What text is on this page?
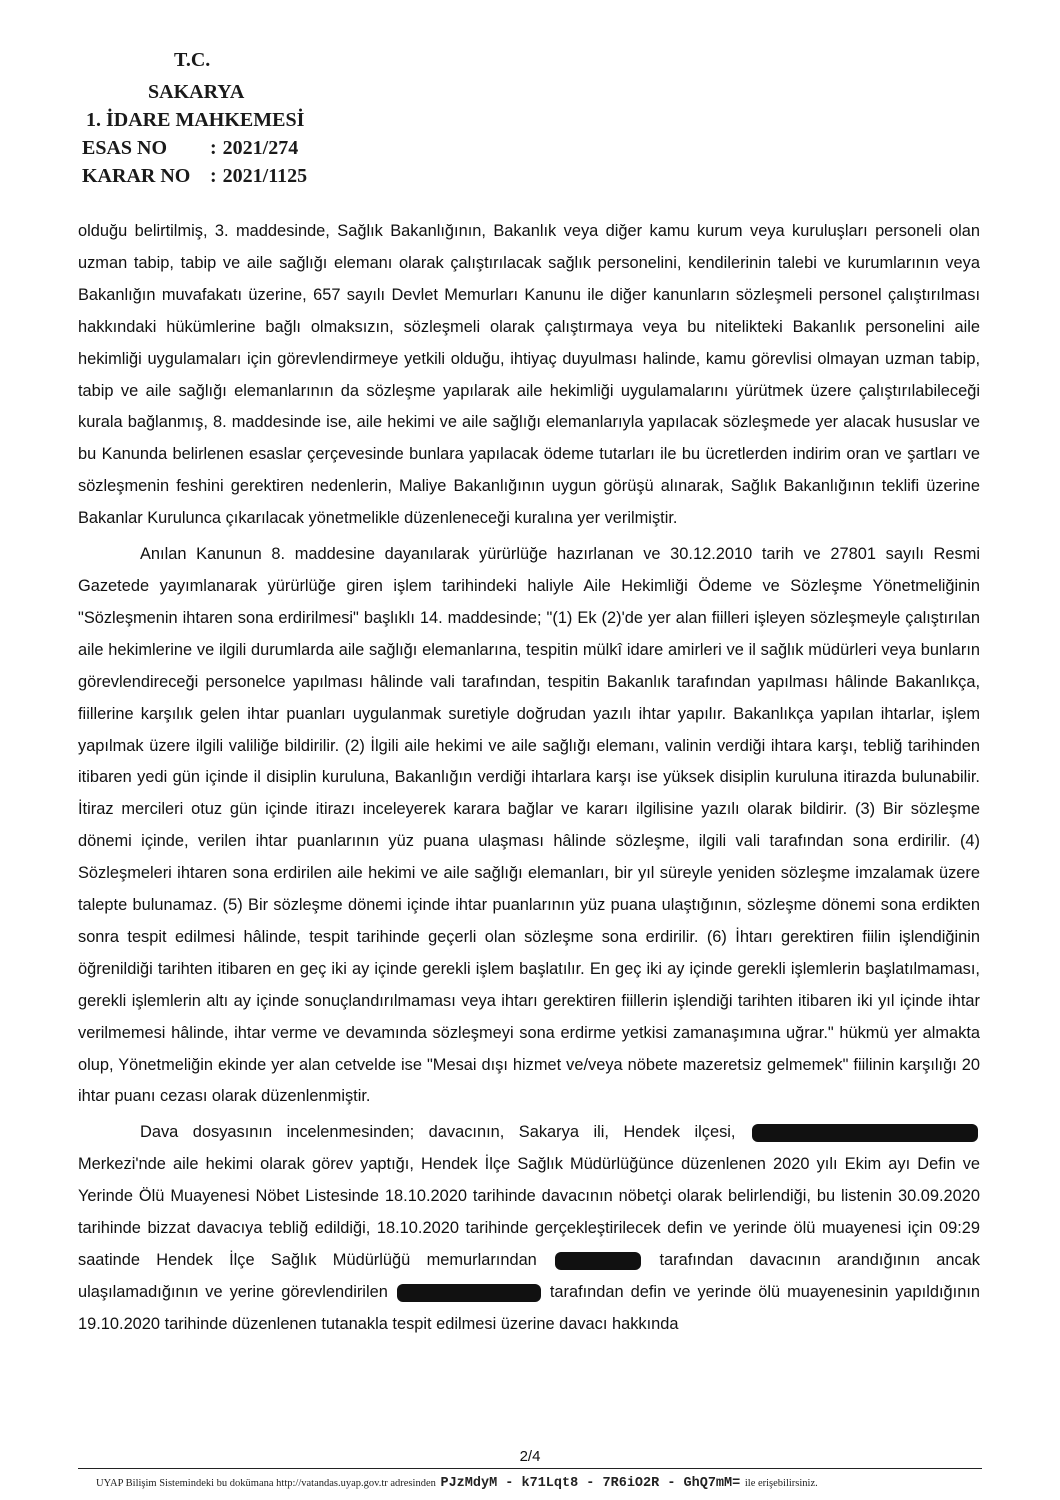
T.C.
SAKARYA
1. İDARE MAHKEMESİ
ESAS NO : 2021/274
KARAR NO : 2021/1125

olduğu belirtilmiş, 3. maddesinde, Sağlık Bakanlığının, Bakanlık veya diğer kamu kurum veya kuruluşları personeli olan uzman tabip, tabip ve aile sağlığı elemanı olarak çalıştırılacak sağlık personelini, kendilerinin talebi ve kurumlarının veya Bakanlığın muvafakatı üzerine, 657 sayılı Devlet Memurları Kanunu ile diğer kanunların sözleşmeli personel çalıştırılması hakkındaki hükümlerine bağlı olmaksızın, sözleşmeli olarak çalıştırmaya veya bu nitelikteki Bakanlık personelini aile hekimliği uygulamaları için görevlendirmeye yetkili olduğu, ihtiyaç duyulması halinde, kamu görevlisi olmayan uzman tabip, tabip ve aile sağlığı elemanlarının da sözleşme yapılarak aile hekimliği uygulamalarını yürütmek üzere çalıştırılabileceği kurala bağlanmış, 8. maddesinde ise, aile hekimi ve aile sağlığı elemanlarıyla yapılacak sözleşmede yer alacak hususlar ve bu Kanunda belirlenen esaslar çerçevesinde bunlara yapılacak ödeme tutarları ile bu ücretlerden indirim oran ve şartları ve sözleşmenin feshini gerektiren nedenlerin, Maliye Bakanlığının uygun görüşü alınarak, Sağlık Bakanlığının teklifi üzerine Bakanlar Kurulunca çıkarılacak yönetmelikle düzenleneceği kuralına yer verilmiştir.

Anılan Kanunun 8. maddesine dayanılarak yürürlüğe hazırlanan ve 30.12.2010 tarih ve 27801 sayılı Resmi Gazetede yayımlanarak yürürlüğe giren işlem tarihindeki haliyle Aile Hekimliği Ödeme ve Sözleşme Yönetmeliğinin "Sözleşmenin ihtaren sona erdirilmesi" başlıklı 14. maddesinde; "(1) Ek (2)'de yer alan fiilleri işleyen sözleşmeyle çalıştırılan aile hekimlerine ve ilgili durumlarda aile sağlığı elemanlarına, tespitin mülkî idare amirleri ve il sağlık müdürleri veya bunların görevlendireceği personelce yapılması hâlinde vali tarafından, tespitin Bakanlık tarafından yapılması hâlinde Bakanlıkça, fiillerine karşılık gelen ihtar puanları uygulanmak suretiyle doğrudan yazılı ihtar yapılır. Bakanlıkça yapılan ihtarlar, işlem yapılmak üzere ilgili valiliğe bildirilir. (2) İlgili aile hekimi ve aile sağlığı elemanı, valinin verdiği ihtara karşı, tebliğ tarihinden itibaren yedi gün içinde il disiplin kuruluna, Bakanlığın verdiği ihtarlara karşı ise yüksek disiplin kuruluna itirazda bulunabilir. İtiraz mercileri otuz gün içinde itirazı inceleyerek karara bağlar ve kararı ilgilisine yazılı olarak bildirir. (3) Bir sözleşme dönemi içinde, verilen ihtar puanlarının yüz puana ulaşması hâlinde sözleşme, ilgili vali tarafından sona erdirilir. (4) Sözleşmeleri ihtaren sona erdirilen aile hekimi ve aile sağlığı elemanları, bir yıl süreyle yeniden sözleşme imzalamak üzere talepte bulunamaz. (5) Bir sözleşme dönemi içinde ihtar puanlarının yüz puana ulaştığının, sözleşme dönemi sona erdikten sonra tespit edilmesi hâlinde, tespit tarihinde geçerli olan sözleşme sona erdirilir. (6) İhtarı gerektiren fiilin işlendiğinin öğrenildiği tarihten itibaren en geç iki ay içinde gerekli işlem başlatılır. En geç iki ay içinde gerekli işlemlerin başlatılmaması, gerekli işlemlerin altı ay içinde sonuçlandırılmaması veya ihtarı gerektiren fiillerin işlendiği tarihten itibaren iki yıl içinde ihtar verilmemesi hâlinde, ihtar verme ve devamında sözleşmeyi sona erdirme yetkisi zamanaşımına uğrar." hükmü yer almakta olup, Yönetmeliğin ekinde yer alan cetvelde ise "Mesai dışı hizmet ve/veya nöbete mazeretsiz gelmemek" fiilinin karşılığı 20 ihtar puanı cezası olarak düzenlenmiştir.

Dava dosyasının incelenmesinden; davacının, Sakarya ili, Hendek ilçesi,  Merkezi'nde aile hekimi olarak görev yaptığı, Hendek İlçe Sağlık Müdürlüğünce düzenlenen 2020 yılı Ekim ayı Defin ve Yerinde Ölü Muayenesi Nöbet Listesinde 18.10.2020 tarihinde davacının nöbetçi olarak belirlendiği, bu listenin 30.09.2020 tarihinde bizzat davacıya tebliğ edildiği, 18.10.2020 tarihinde gerçekleştirilecek defin ve yerinde ölü muayenesi için 09:29 saatinde Hendek İlçe Sağlık Müdürlüğü memurlarından	tarafından davacının arandığının ancak ulaşılamadığının ve yerine görevlendirilen	tarafından defin ve yerinde ölü muayenesinin yapıldığının 19.10.2020 tarihinde düzenlenen tutanakla tespit edilmesi üzerine davacı hakkında

2/4
UYAP Bilişim Sistemindeki bu dokümana http://vatandas.uyap.gov.tr adresinden PJzMdyM - k71Lqt8 - 7R6iO2R - GhQ7mM= ile erişebilirsiniz.
